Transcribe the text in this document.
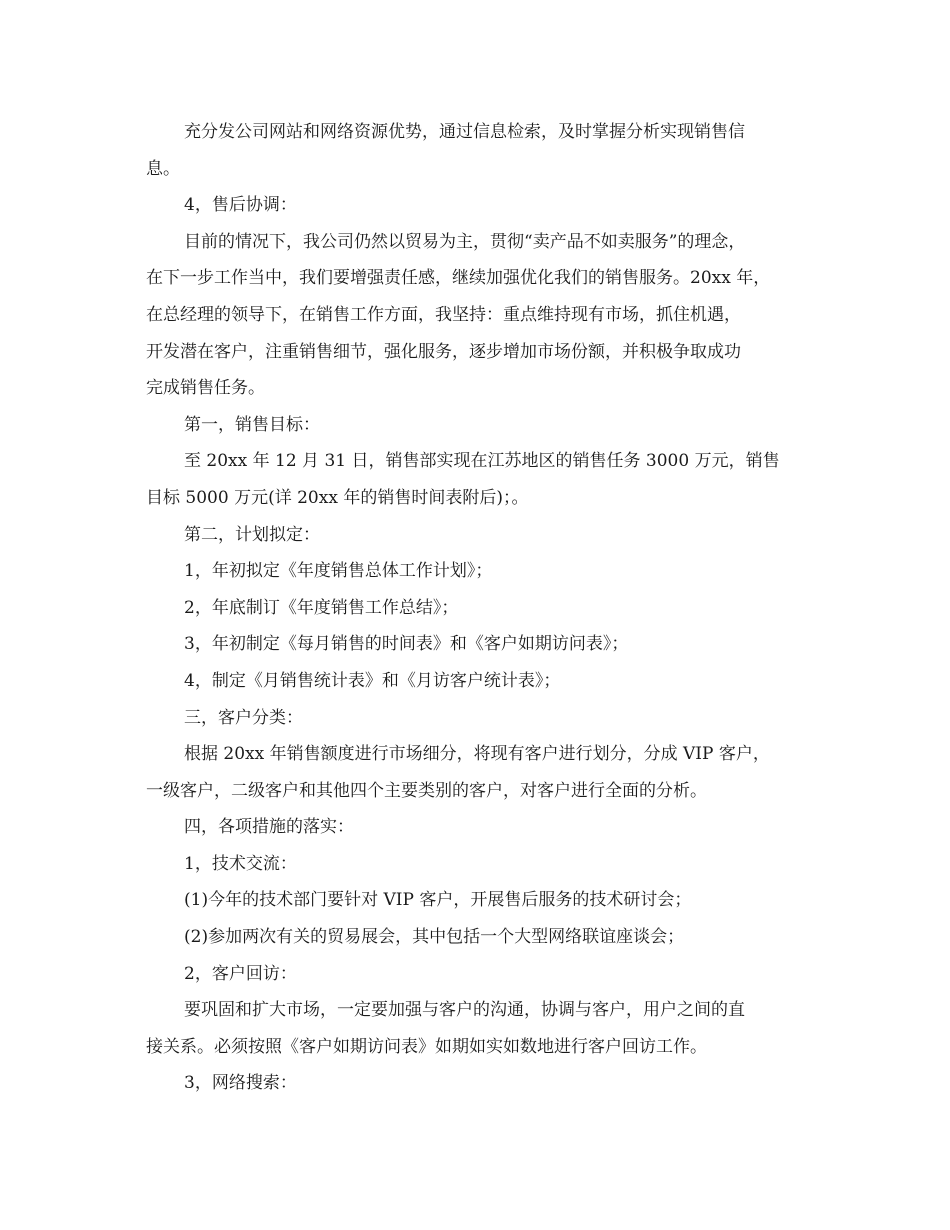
充分发公司网站和网络资源优势，通过信息检索，及时掌握分析实现销售信
息。
4，售后协调：
目前的情况下，我公司仍然以贸易为主，贯彻“卖产品不如卖服务”的理念，
在下一步工作当中，我们要增强责任感，继续加强优化我们的销售服务。20xx 年，
在总经理的领导下，在销售工作方面，我坚持：重点维持现有市场，抓住机遇，
开发潜在客户，注重销售细节，强化服务，逐步增加市场份额，并积极争取成功
完成销售任务。
第一，销售目标：
至 20xx 年 12 月 31 日，销售部实现在江苏地区的销售任务 3000 万元，销售
目标 5000 万元(详 20xx 年的销售时间表附后)；。
第二，计划拟定：
1，年初拟定《年度销售总体工作计划》；
2，年底制订《年度销售工作总结》；
3，年初制定《每月销售的时间表》和《客户如期访问表》；
4，制定《月销售统计表》和《月访客户统计表》；
三，客户分类：
根据 20xx 年销售额度进行市场细分，将现有客户进行划分，分成 VIP 客户，
一级客户，二级客户和其他四个主要类别的客户，对客户进行全面的分析。
四，各项措施的落实：
1，技术交流：
(1)今年的技术部门要针对 VIP 客户，开展售后服务的技术研讨会；
(2)参加两次有关的贸易展会，其中包括一个大型网络联谊座谈会；
2，客户回访：
要巩固和扩大市场，一定要加强与客户的沟通，协调与客户，用户之间的直
接关系。必须按照《客户如期访问表》如期如实如数地进行客户回访工作。
3，网络搜索：
